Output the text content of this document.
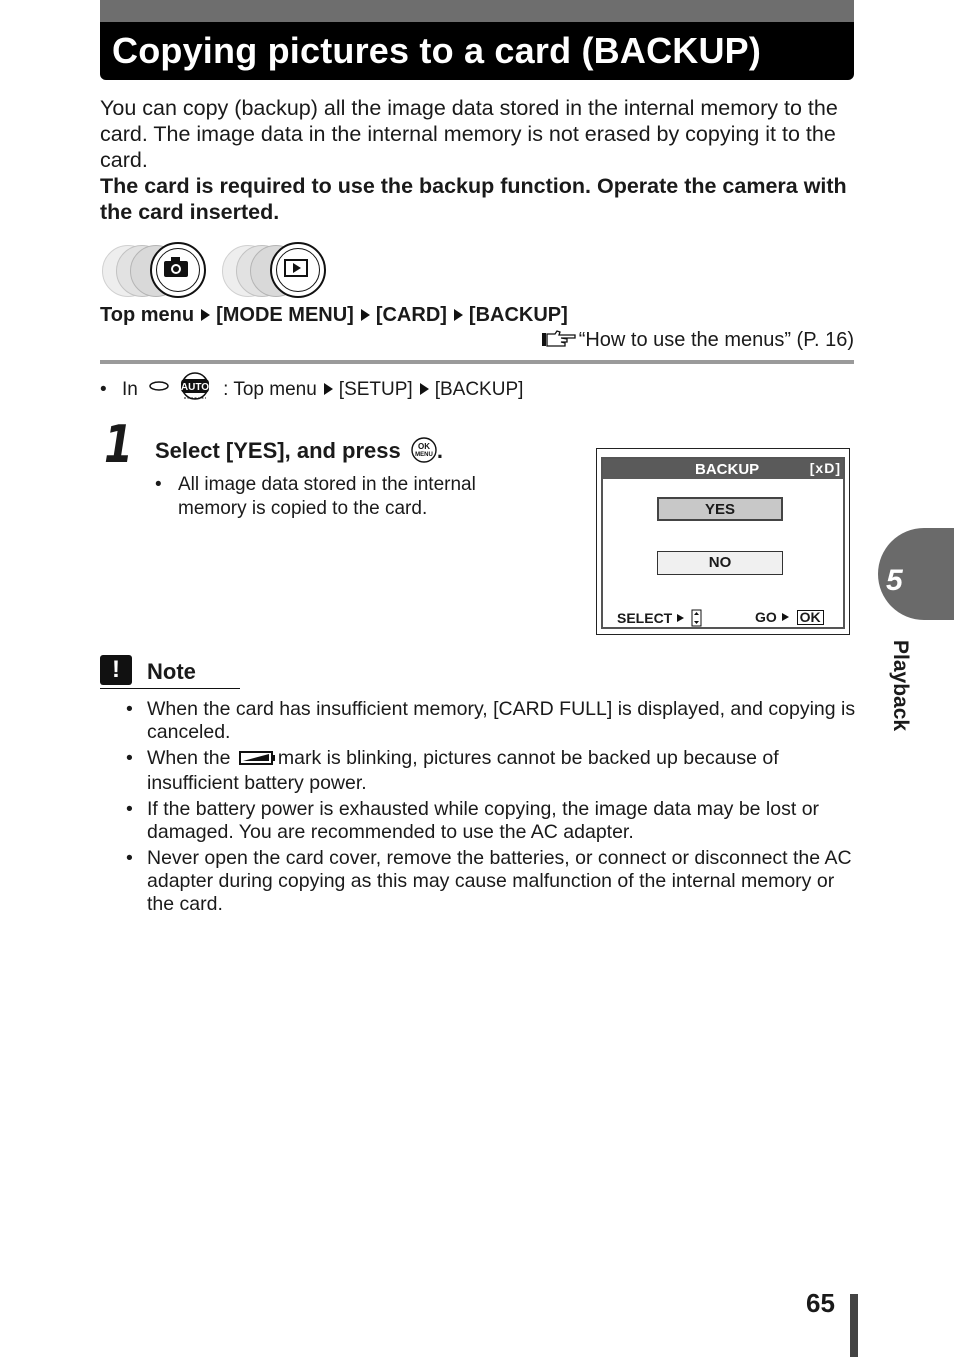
Copying pictures to a card (BACKUP)

You can copy (backup) all the image data stored in the internal memory to the card. The image data in the internal memory is not erased by copying it to the card.

The card is required to use the backup function. Operate the camera with the card inserted.

Top menu [MODE MENU] [CARD] [BACKUP]
“How to use the menus” (P. 16)
• In	AUTO : Top menu [SETUP] [BACKUP]
1 Select [YES], and press OK
MENU .
• All image data stored in the internal memory is copied to the card.
BACKUP	[xD]
YES
NO
SELECT	GO OK
!	Note
• When the card has insufficient memory, [CARD FULL] is displayed, and copying is canceled.
• When the mark is blinking, pictures cannot be backed up because of insufficient battery power.
• If the battery power is exhausted while copying, the image data may be lost or damaged. You are recommended to use the AC adapter.
• Never open the card cover, remove the batteries, or connect or disconnect the AC adapter during copying as this may cause malfunction of the internal memory or the card.
5
Playback
65
